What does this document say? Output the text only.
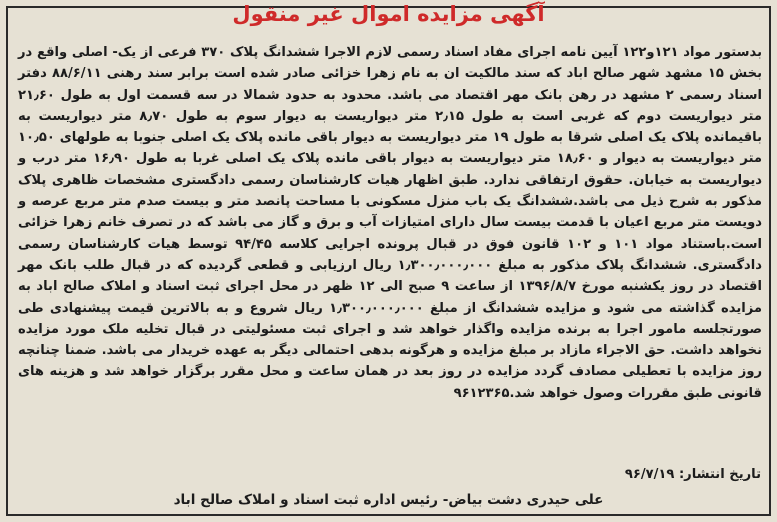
آگهی مزایده اموال غیر منقول

بدستور مواد ۱۲۱و۱۲۲ آیین نامه اجرای مفاد اسناد رسمی لازم الاجرا ششدانگ پلاک ۳۷۰ فرعی از یک- اصلی واقع در بخش ۱۵ مشهد شهر صالح اباد که سند مالکیت ان به نام زهرا خزائی صادر شده است برابر سند رهنی ۸۸/۶/۱۱ دفتر اسناد رسمی ۲ مشهد در رهن بانک مهر اقتصاد می باشد. محدود به حدود شمالا در سه قسمت اول به طول ۲۱٫۶۰ متر دیواریست دوم که غربی است به طول ۲٫۱۵ متر دیواریست به دیوار سوم به طول ۸٫۷۰ متر دیواریست به باقیمانده پلاک یک اصلی شرقا به طول ۱۹ متر دیواریست به دیوار باقی مانده پلاک یک اصلی جنوبا به طولهای ۱۰٫۵۰ متر دیواریست به دیوار و ۱۸٫۶۰ متر دیواریست به دیوار باقی مانده پلاک یک اصلی غربا به طول ۱۶٫۹۰ متر درب و دیواریست به خیابان. حقوق ارتفاقی ندارد. طبق اظهار هیات کارشناسان رسمی دادگستری مشخصات ظاهری پلاک مذکور به شرح ذیل می باشد.ششدانگ یک باب منزل مسکونی با مساحت پانصد متر و بیست صدم متر مربع عرصه و دویست متر مربع اعیان با قدمت بیست سال دارای امتیازات آب و برق و گاز می باشد که در تصرف خانم زهرا خزائی است.باستناد مواد ۱۰۱ و ۱۰۲ قانون فوق در قبال پرونده اجرایی کلاسه ۹۴/۴۵ توسط هیات کارشناسان رسمی دادگستری. ششدانگ پلاک مذکور به مبلغ ۱٫۳۰۰٫۰۰۰٫۰۰۰ ریال ارزیابی و قطعی گردیده که در قبال طلب بانک مهر اقتصاد در روز یکشنبه مورخ ۱۳۹۶/۸/۷ از ساعت ۹ صبح الی ۱۲ ظهر در محل اجرای ثبت اسناد و املاک صالح اباد به مزایده گذاشته می شود و مزایده ششدانگ از مبلغ ۱٫۳۰۰٫۰۰۰٫۰۰۰ ریال شروع و به بالاترین قیمت پیشنهادی طی صورتجلسه مامور اجرا به برنده مزایده واگذار خواهد شد و اجرای ثبت مسئولیتی در قبال تخلیه ملک مورد مزایده نخواهد داشت. حق الاجراء مازاد بر مبلغ مزایده و هرگونه بدهی احتمالی دیگر به عهده خریدار می باشد. ضمنا چنانچه روز مزایده با تعطیلی مصادف گردد مزایده در روز بعد در همان ساعت و محل مقرر برگزار خواهد شد و هزینه های قانونی طبق مقررات وصول خواهد شد.۹۶۱۲۳۶۵

تاریخ انتشار: ۹۶/۷/۱۹
علی حیدری دشت بیاض- رئیس اداره ثبت اسناد و املاک صالح اباد
